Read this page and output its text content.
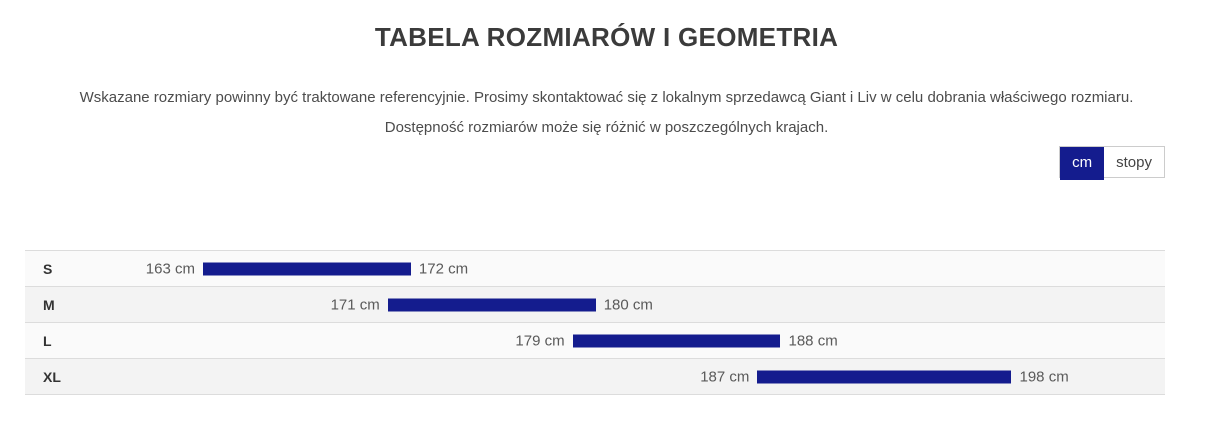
TABELA ROZMIARÓW I GEOMETRIA

Wskazane rozmiary powinny być traktowane referencyjnie. Prosimy skontaktować się z lokalnym sprzedawcą Giant i Liv w celu dobrania właściwego rozmiaru.
Dostępność rozmiarów może się różnić w poszczególnych krajach.

cm	stopy
S	163 cm	172 cm
M	171 cm	180 cm
L	179 cm	188 cm
XL	187 cm	198 cm
